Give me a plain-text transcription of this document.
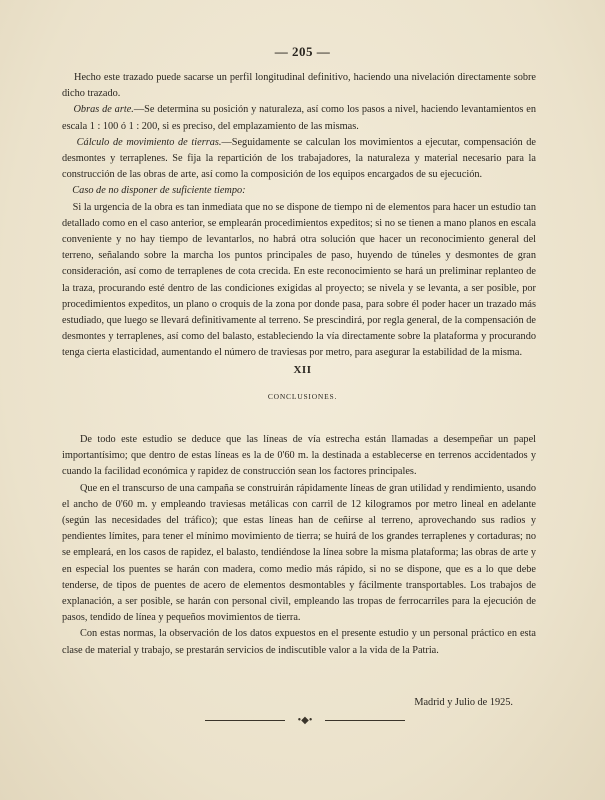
— 205 —

Hecho este trazado puede sacarse un perfil longitudinal definitivo, haciendo una nivelación directamente sobre dicho trazado.

Obras de arte.—Se determina su posición y naturaleza, así como los pasos a nivel, haciendo levantamientos en escala 1 : 100 ó 1 : 200, si es preciso, del emplazamiento de las mismas.

Cálculo de movimiento de tierras.—Seguidamente se calculan los movimientos a ejecutar, compensación de desmontes y terraplenes. Se fija la repartición de los trabajadores, la naturaleza y material necesario para la construcción de las obras de arte, así como la composición de los equipos encargados de su ejecución.

Caso de no disponer de suficiente tiempo:

Si la urgencia de la obra es tan inmediata que no se dispone de tiempo ni de elementos para hacer un estudio tan detallado como en el caso anterior, se emplearán procedimientos expeditos; si no se tienen a mano planos en escala conveniente y no hay tiempo de levantarlos, no habrá otra solución que hacer un reconocimiento general del terreno, señalando sobre la marcha los puntos principales de paso, huyendo de túneles y desmontes de gran consideración, así como de terraplenes de cota crecida. En este reconocimiento se hará un preliminar replanteo de la traza, procurando esté dentro de las condiciones exigidas al proyecto; se nivela y se levanta, a ser posible, por procedimientos expeditos, un plano o croquis de la zona por donde pasa, para sobre él poder hacer un trazado más estudiado, que luego se llevará definitivamente al terreno. Se prescindirá, por regla general, de la compensación de desmontes y terraplenes, así como del balasto, estableciendo la vía directamente sobre la plataforma y procurando tenga cierta elasticidad, aumentando el número de traviesas por metro, para asegurar la estabilidad de la misma.

XII
CONCLUSIONES.

De todo este estudio se deduce que las líneas de vía estrecha están llamadas a desempeñar un papel importantísimo; que dentro de estas líneas es la de 0'60 m. la destinada a establecerse en terrenos accidentados y cuando la facilidad económica y rapidez de construcción sean los factores principales.

Que en el transcurso de una campaña se construirán rápidamente líneas de gran utilidad y rendimiento, usando el ancho de 0'60 m. y empleando traviesas metálicas con carril de 12 kilogramos por metro lineal en adelante (según las necesidades del tráfico); que estas líneas han de ceñirse al terreno, aprovechando sus radios y pendientes límites, para tener el mínimo movimiento de tierra; se huirá de los grandes terraplenes y cortaduras; no se empleará, en los casos de rapidez, el balasto, tendiéndose la línea sobre la misma plataforma; las obras de arte y en especial los puentes se harán con madera, como medio más rápido, si no se dispone, que es a lo que debe tenderse, de tipos de puentes de acero de elementos desmontables y fácilmente transportables. Los trabajos de explanación, a ser posible, se harán con personal civil, empleando las tropas de ferrocarriles para la ejecución de pasos, tendido de línea y pequeños movimientos de tierra.

Con estas normas, la observación de los datos expuestos en el presente estudio y un personal práctico en esta clase de material y trabajo, se prestarán servicios de indiscutible valor a la vida de la Patria.

Madrid y Julio de 1925.
•◆•
